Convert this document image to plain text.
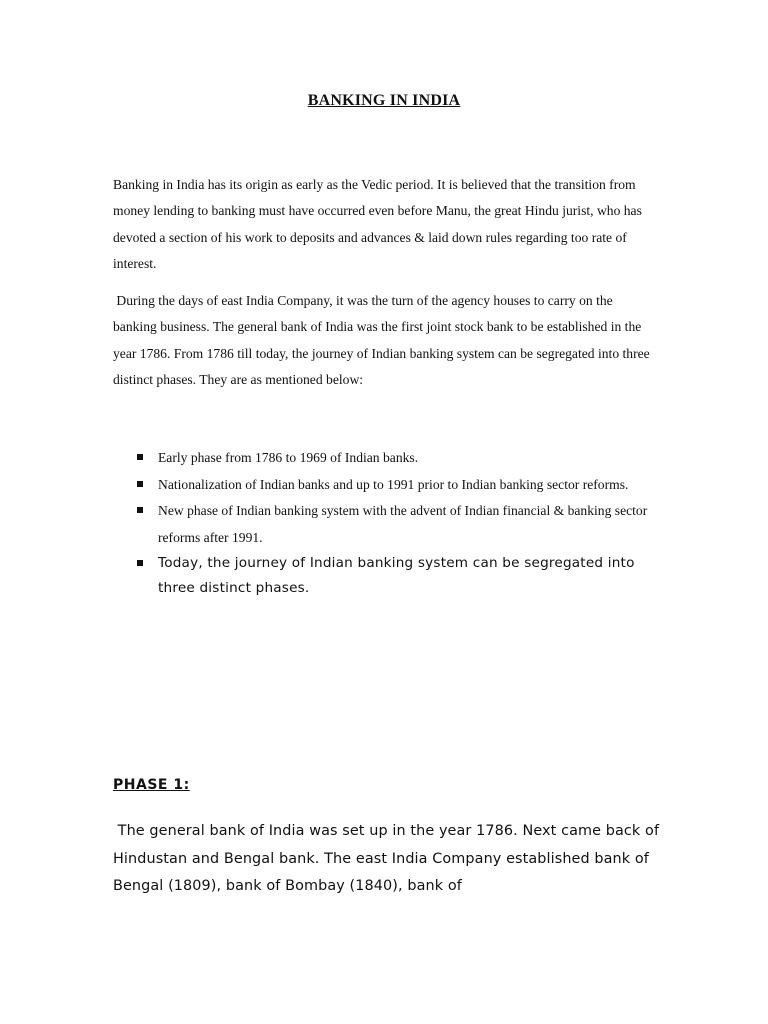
BANKING IN INDIA

Banking in India has its origin as early as the Vedic period. It is believed that the transition from money lending to banking must have occurred even before Manu, the great Hindu jurist, who has devoted a section of his work to deposits and advances & laid down rules regarding too rate of interest.

During the days of east India Company, it was the turn of the agency houses to carry on the banking business. The general bank of India was the first joint stock bank to be established in the year 1786. From 1786 till today, the journey of Indian banking system can be segregated into three distinct phases. They are as mentioned below:

Early phase from 1786 to 1969 of Indian banks.
Nationalization of Indian banks and up to 1991 prior to Indian banking sector reforms.
New phase of Indian banking system with the advent of Indian financial & banking sector reforms after 1991.
Today, the journey of Indian banking system can be segregated into three distinct phases.
PHASE 1:

The general bank of India was set up in the year 1786. Next came back of Hindustan and Bengal bank. The east India Company established bank of Bengal (1809), bank of Bombay (1840), bank of
